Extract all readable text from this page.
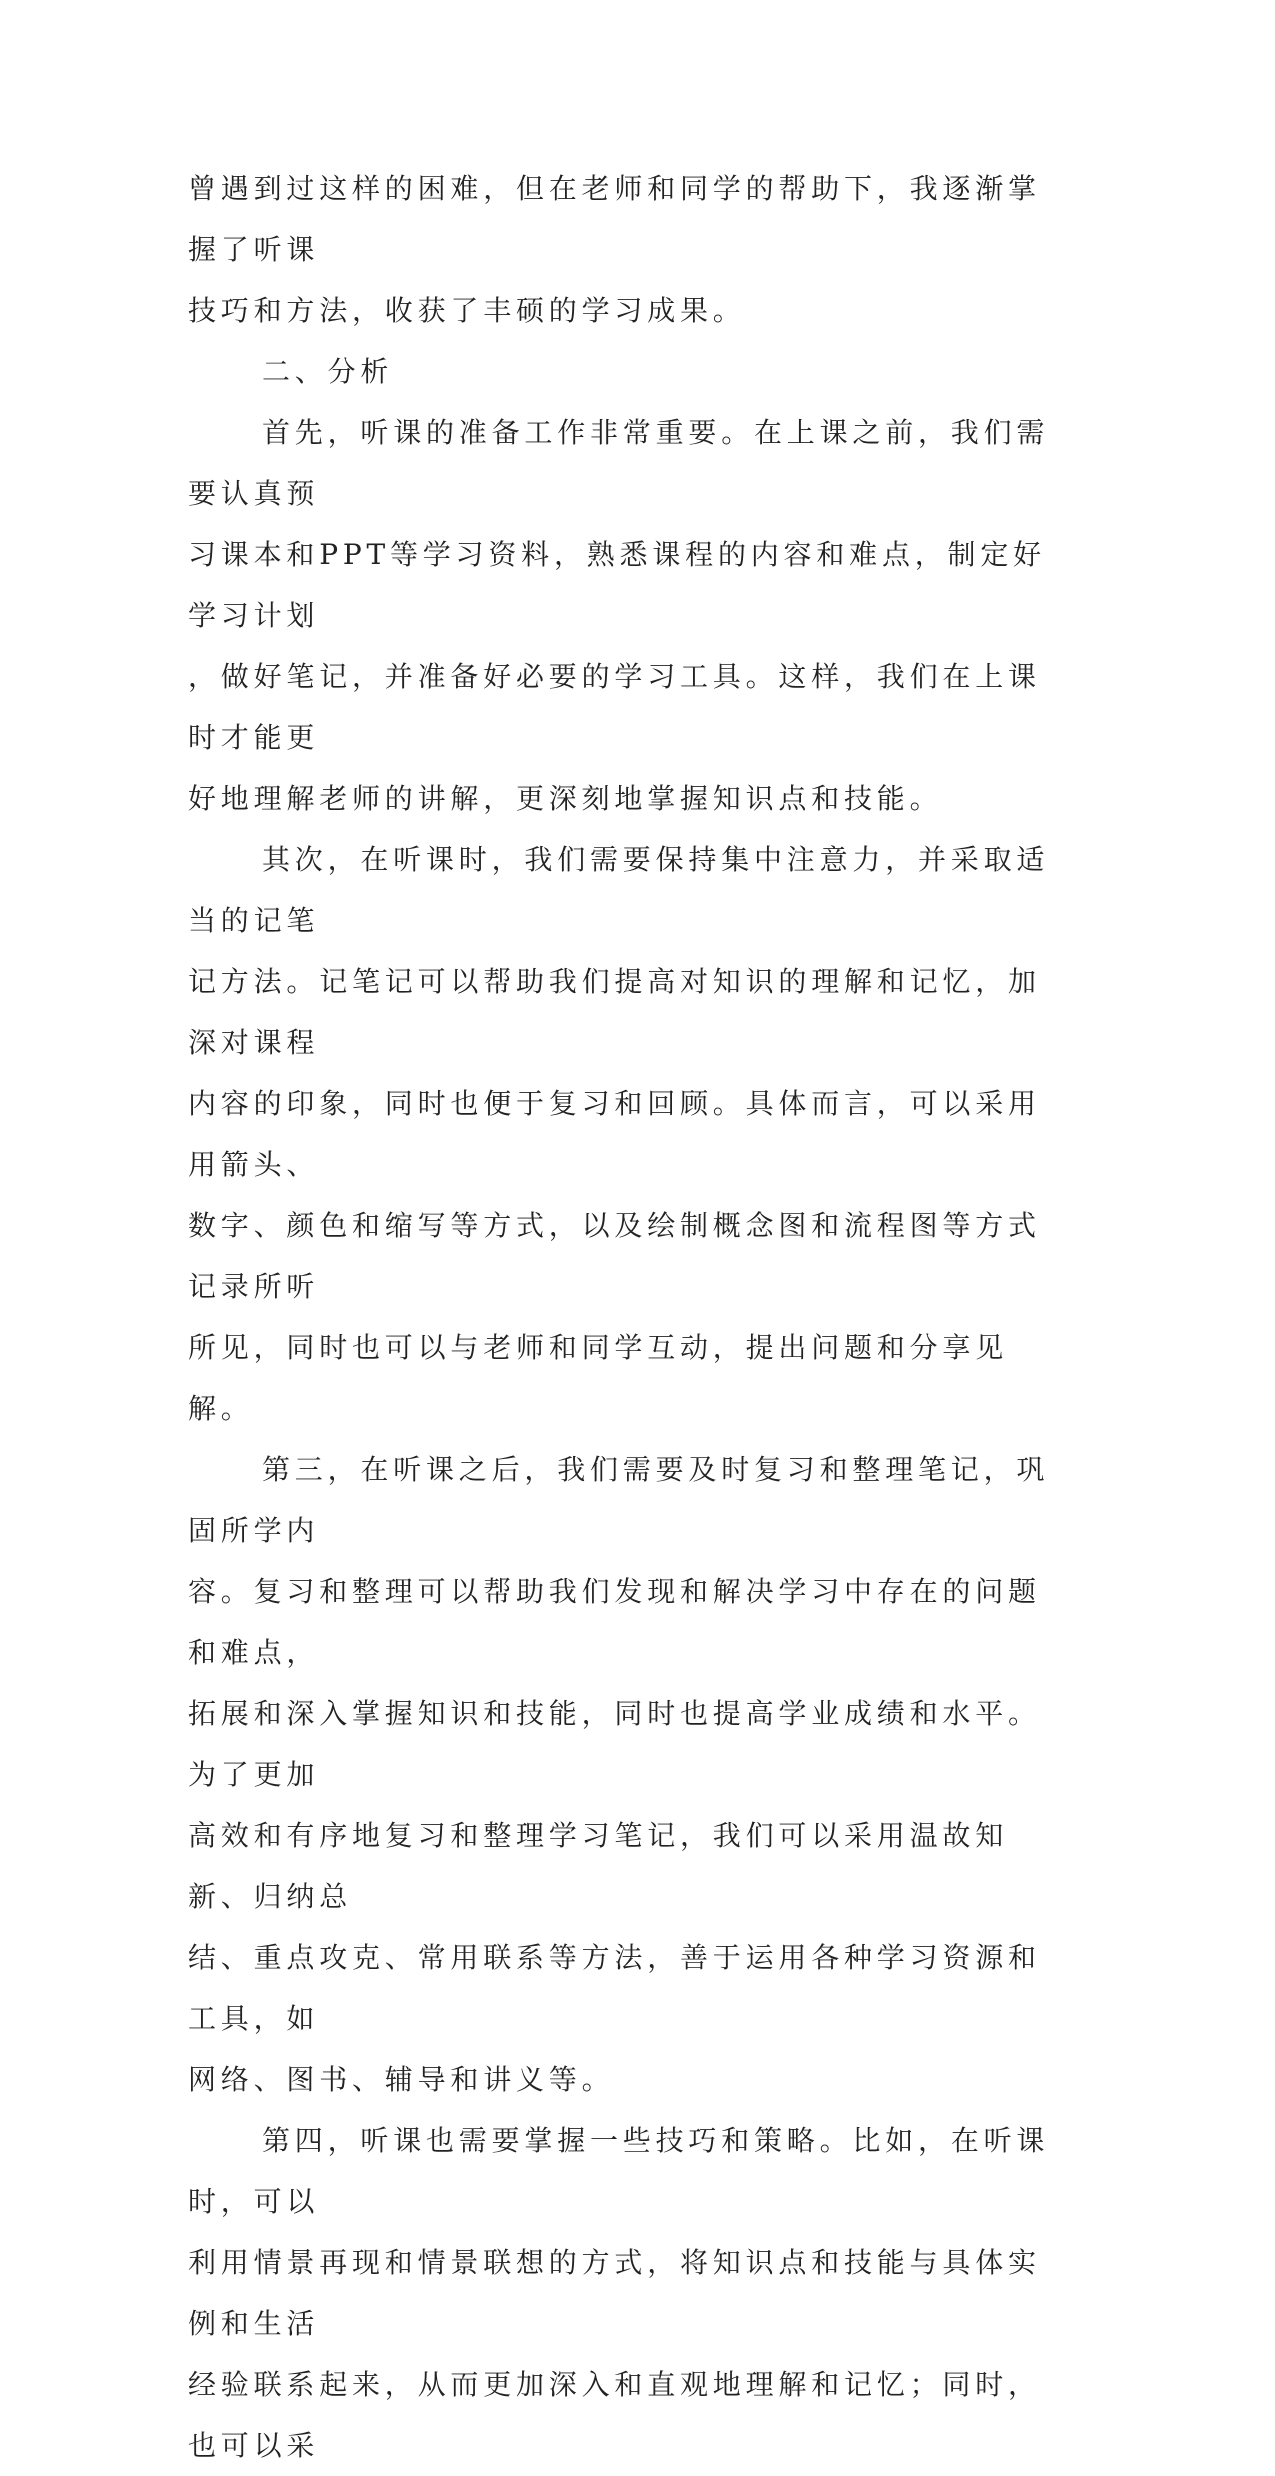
曾遇到过这样的困难，但在老师和同学的帮助下，我逐渐掌握了听课
技巧和方法，收获了丰硕的学习成果。
二、分析
首先，听课的准备工作非常重要。在上课之前，我们需要认真预
习课本和PPT等学习资料，熟悉课程的内容和难点，制定好学习计划
，做好笔记，并准备好必要的学习工具。这样，我们在上课时才能更
好地理解老师的讲解，更深刻地掌握知识点和技能。
其次，在听课时，我们需要保持集中注意力，并采取适当的记笔
记方法。记笔记可以帮助我们提高对知识的理解和记忆，加深对课程
内容的印象，同时也便于复习和回顾。具体而言，可以采用用箭头、
数字、颜色和缩写等方式，以及绘制概念图和流程图等方式记录所听
所见，同时也可以与老师和同学互动，提出问题和分享见解。
第三，在听课之后，我们需要及时复习和整理笔记，巩固所学内
容。复习和整理可以帮助我们发现和解决学习中存在的问题和难点，
拓展和深入掌握知识和技能，同时也提高学业成绩和水平。为了更加
高效和有序地复习和整理学习笔记，我们可以采用温故知新、归纳总
结、重点攻克、常用联系等方法，善于运用各种学习资源和工具，如
网络、图书、辅导和讲义等。
第四，听课也需要掌握一些技巧和策略。比如，在听课时，可以
利用情景再现和情景联想的方式，将知识点和技能与具体实例和生活
经验联系起来，从而更加深入和直观地理解和记忆；同时，也可以采
